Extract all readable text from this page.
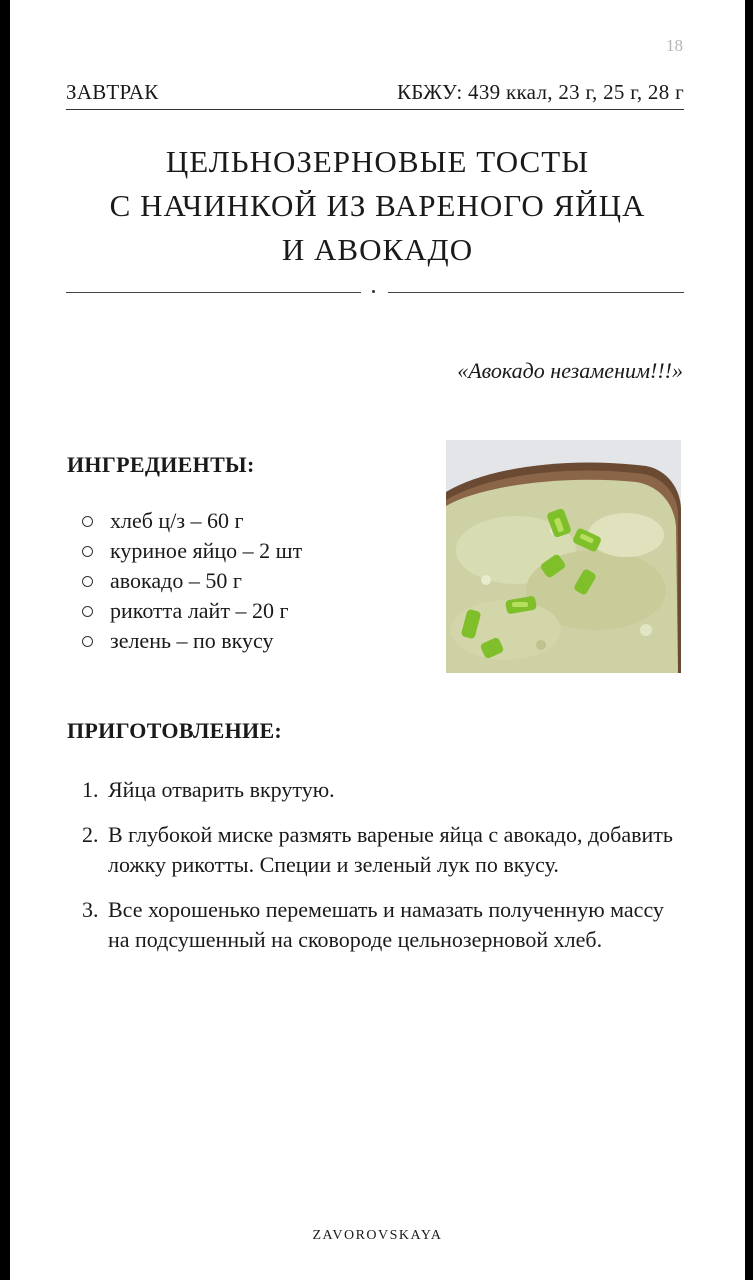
18
ЗАВТРАК	КБЖУ: 439 ккал, 23 г, 25 г, 28 г
ЦЕЛЬНОЗЕРНОВЫЕ ТОСТЫ
С НАЧИНКОЙ ИЗ ВАРЕНОГО ЯЙЦА
И АВОКАДО
«Авокадо незаменим!!!»
ИНГРЕДИЕНТЫ:
хлеб ц/з – 60 г
куриное яйцо – 2 шт
авокадо – 50 г
рикотта лайт – 20 г
зелень – по вкусу
ПРИГОТОВЛЕНИЕ:
1. Яйца отварить вкрутую.
2. В глубокой миске размять вареные яйца с авокадо, добавить ложку рикотты. Специи и зеленый лук по вкусу.
3. Все хорошенько перемешать и намазать полученную массу на подсушенный на сковороде цельнозерновой хлеб.
ZAVOROVSKAYA
